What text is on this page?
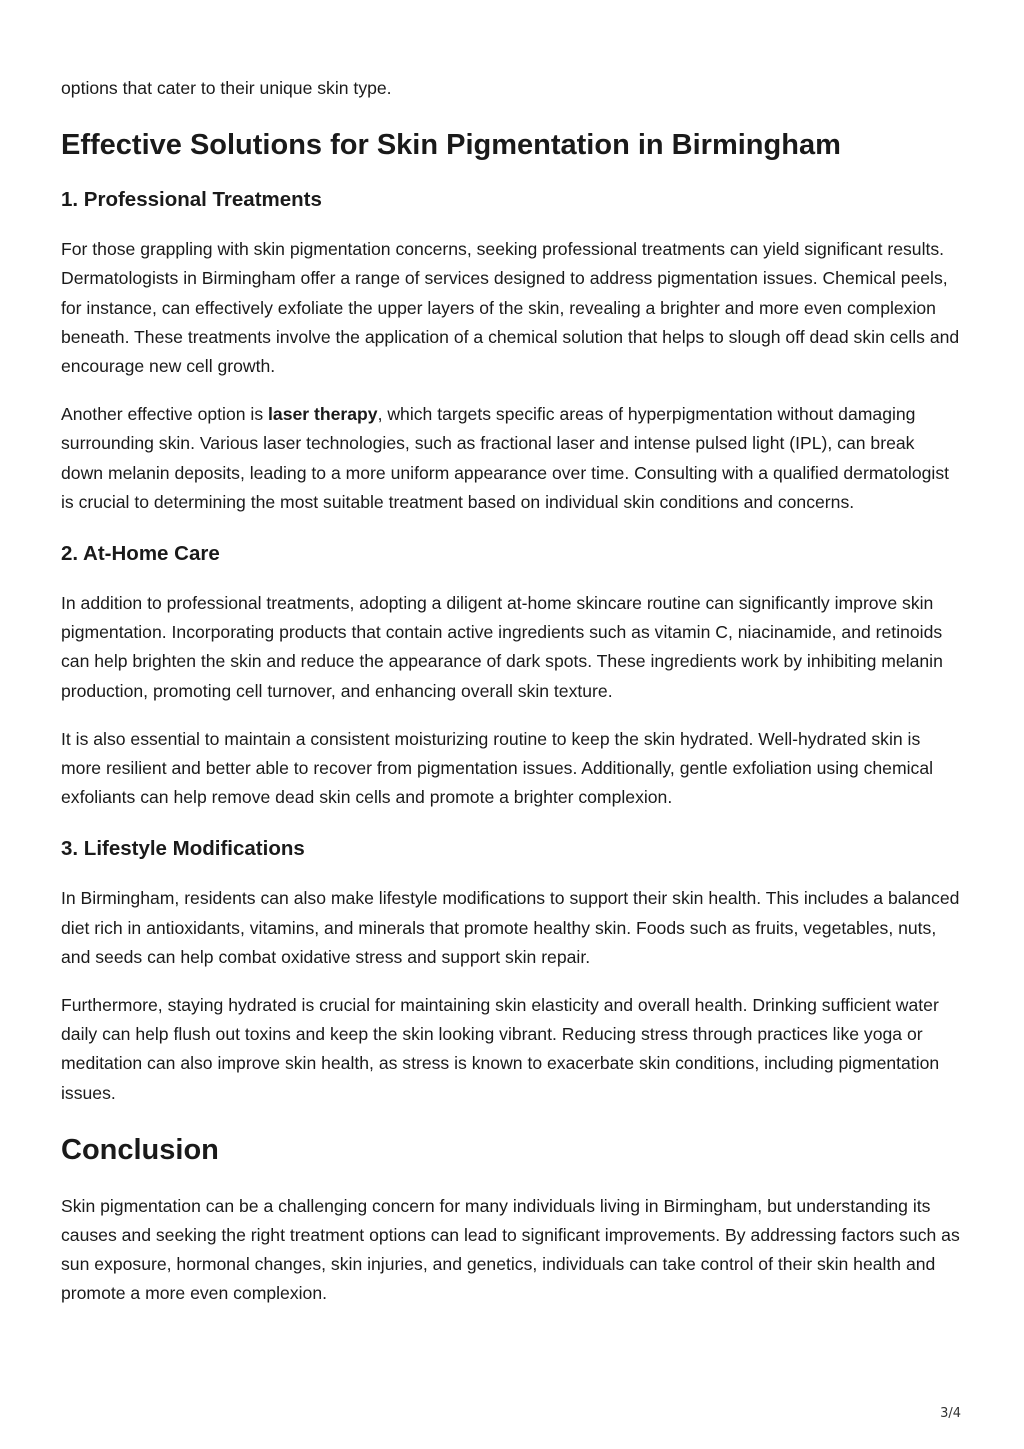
options that cater to their unique skin type.

Effective Solutions for Skin Pigmentation in Birmingham
1. Professional Treatments

For those grappling with skin pigmentation concerns, seeking professional treatments can yield significant results. Dermatologists in Birmingham offer a range of services designed to address pigmentation issues. Chemical peels, for instance, can effectively exfoliate the upper layers of the skin, revealing a brighter and more even complexion beneath. These treatments involve the application of a chemical solution that helps to slough off dead skin cells and encourage new cell growth.

Another effective option is laser therapy, which targets specific areas of hyperpigmentation without damaging surrounding skin. Various laser technologies, such as fractional laser and intense pulsed light (IPL), can break down melanin deposits, leading to a more uniform appearance over time. Consulting with a qualified dermatologist is crucial to determining the most suitable treatment based on individual skin conditions and concerns.

2. At-Home Care

In addition to professional treatments, adopting a diligent at-home skincare routine can significantly improve skin pigmentation. Incorporating products that contain active ingredients such as vitamin C, niacinamide, and retinoids can help brighten the skin and reduce the appearance of dark spots. These ingredients work by inhibiting melanin production, promoting cell turnover, and enhancing overall skin texture.

It is also essential to maintain a consistent moisturizing routine to keep the skin hydrated. Well-hydrated skin is more resilient and better able to recover from pigmentation issues. Additionally, gentle exfoliation using chemical exfoliants can help remove dead skin cells and promote a brighter complexion.

3. Lifestyle Modifications

In Birmingham, residents can also make lifestyle modifications to support their skin health. This includes a balanced diet rich in antioxidants, vitamins, and minerals that promote healthy skin. Foods such as fruits, vegetables, nuts, and seeds can help combat oxidative stress and support skin repair.

Furthermore, staying hydrated is crucial for maintaining skin elasticity and overall health. Drinking sufficient water daily can help flush out toxins and keep the skin looking vibrant. Reducing stress through practices like yoga or meditation can also improve skin health, as stress is known to exacerbate skin conditions, including pigmentation issues.

Conclusion

Skin pigmentation can be a challenging concern for many individuals living in Birmingham, but understanding its causes and seeking the right treatment options can lead to significant improvements. By addressing factors such as sun exposure, hormonal changes, skin injuries, and genetics, individuals can take control of their skin health and promote a more even complexion.

3/4
